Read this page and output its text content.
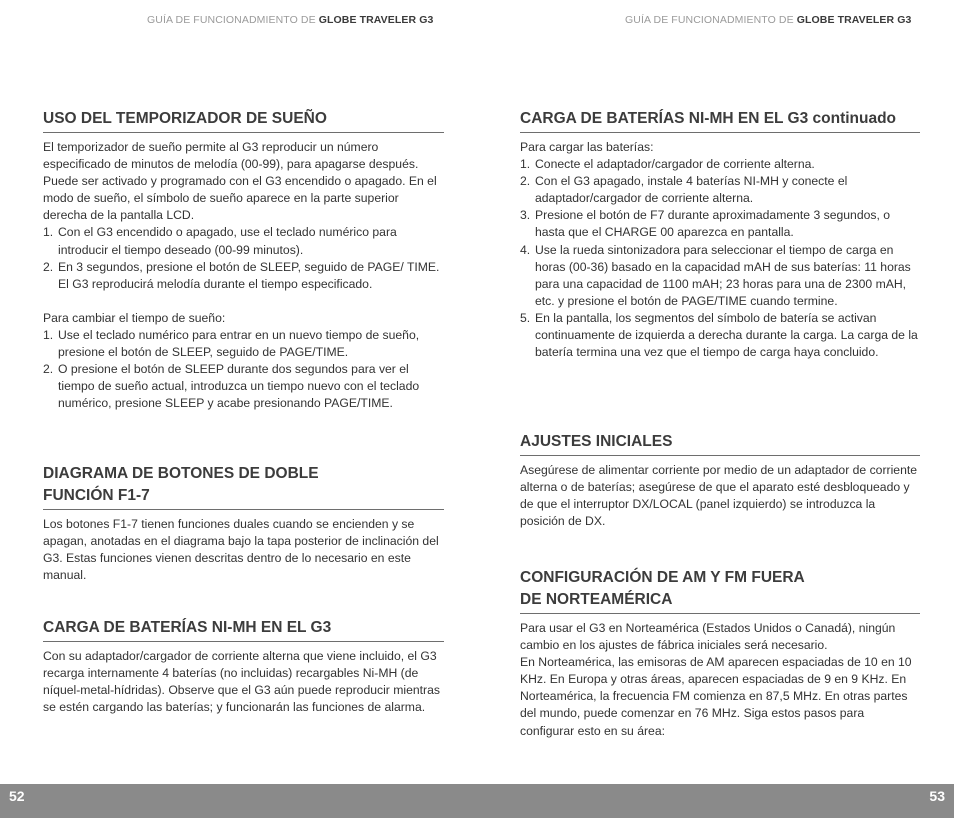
GUÍA DE FUNCIONADMIENTO DE GLOBE TRAVELER G3
USO DEL TEMPORIZADOR DE SUEÑO

El temporizador de sueño permite al G3 reproducir un número especificado de minutos de melodía (00-99), para apagarse después. Puede ser activado y programado con el G3 encendido o apagado. En el modo de sueño, el símbolo de sueño aparece en la parte superior derecha de la pantalla LCD.

1. Con el G3 encendido o apagado, use el teclado numérico para introducir el tiempo deseado (00-99 minutos).
2. En 3 segundos, presione el botón de SLEEP, seguido de PAGE/ TIME. El G3 reproducirá melodía durante el tiempo especificado.

Para cambiar el tiempo de sueño:

1. Use el teclado numérico para entrar en un nuevo tiempo de sueño, presione el botón de SLEEP, seguido de PAGE/TIME.
2. O presione el botón de SLEEP durante dos segundos para ver el tiempo de sueño actual, introduzca un tiempo nuevo con el teclado numérico, presione SLEEP y acabe presionando PAGE/TIME.
DIAGRAMA DE BOTONES DE DOBLE
FUNCIÓN F1-7

Los botones F1-7 tienen funciones duales cuando se encienden y se apagan, anotadas en el diagrama bajo la tapa posterior de inclinación del G3. Estas funciones vienen descritas dentro de lo necesario en este manual.

CARGA DE BATERÍAS NI-MH EN EL G3

Con su adaptador/cargador de corriente alterna que viene incluido, el G3 recarga internamente 4 baterías (no incluidas) recargables Ni-MH (de níquel-metal-hídridas). Observe que el G3 aún puede reproducir mientras se estén cargando las baterías; y funcionarán las funciones de alarma.

GUÍA DE FUNCIONADMIENTO DE GLOBE TRAVELER G3
CARGA DE BATERÍAS NI-MH EN EL G3 continuado

Para cargar las baterías:

1. Conecte el adaptador/cargador de corriente alterna.
2. Con el G3 apagado, instale 4 baterías NI-MH y conecte el adaptador/cargador de corriente alterna.
3. Presione el botón de F7 durante aproximadamente 3 segundos, o hasta que el CHARGE 00 aparezca en pantalla.
4. Use la rueda sintonizadora para seleccionar el tiempo de carga en horas (00-36) basado en la capacidad mAH de sus baterías: 11 horas para una capacidad de 1100 mAH; 23 horas para una de 2300 mAH, etc. y presione el botón de PAGE/TIME cuando termine.
5. En la pantalla, los segmentos del símbolo de batería se activan continuamente de izquierda a derecha durante la carga. La carga de la batería termina una vez que el tiempo de carga haya concluido.
AJUSTES INICIALES

Asegúrese de alimentar corriente por medio de un adaptador de corriente alterna o de baterías; asegúrese de que el aparato esté desbloqueado y de que el interruptor DX/LOCAL (panel izquierdo) se introduzca la posición de DX.

CONFIGURACIÓN DE AM Y FM FUERA
DE NORTEAMÉRICA

Para usar el G3 en Norteamérica (Estados Unidos o Canadá), ningún cambio en los ajustes de fábrica iniciales será necesario.

En Norteamérica, las emisoras de AM aparecen espaciadas de 10 en 10 KHz. En Europa y otras áreas, aparecen espaciadas de 9 en 9 KHz. En Norteamérica, la frecuencia FM comienza en 87,5 MHz. En otras partes del mundo, puede comenzar en 76 MHz. Siga estos pasos para configurar esto en su área:

52	53
